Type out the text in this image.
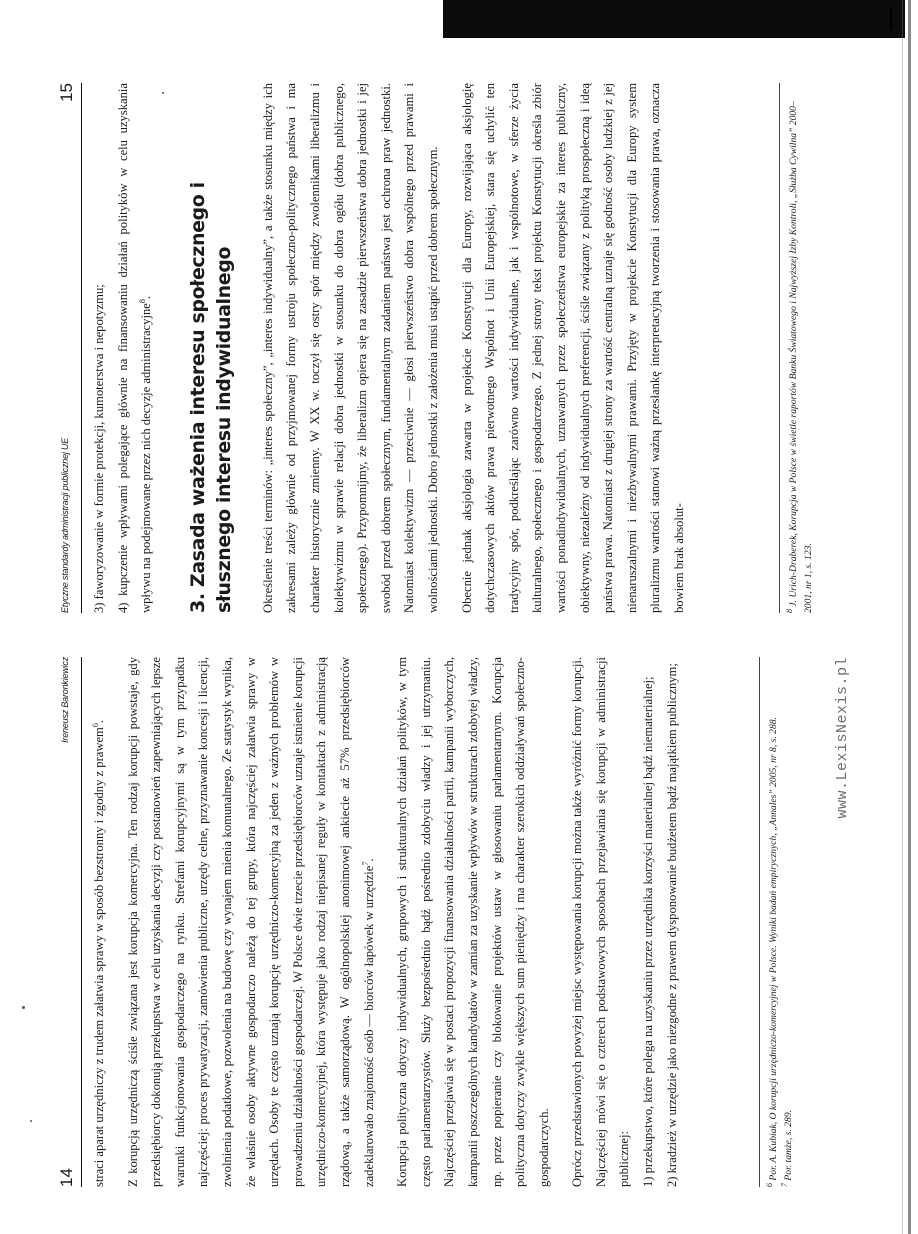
14
Ireneusz Baronkiewicz

straci aparat urzędniczy z trudem załatwia sprawy w sposób bezstronny i zgodny z prawem$^6$.	Z korupcją urzędniczą ściśle związana jest korupcja komercyjna. Ten rodzaj korupcji powstaje, gdy przedsiębiorcy dokonują przekupstwa w celu uzyskania decyzji czy postanowień zapewniających lepsze warunki funkcjonowania gospodarczego na rynku. Strefami korupcyjnymi są w tym przypadku najczęściej: proces prywatyzacji, zamówienia publiczne, urzędy celne, przyznawanie koncesji i licencji, zwolnienia podatkowe, pozwolenia na budowę czy wynajem mienia komunalnego. Ze statystyk wynika, że właśnie osoby aktywne gospodarczo należą do tej grupy, która najczęściej załatwia sprawy w urzędach. Osoby te często uznają korupcję urzędniczo-komercyjną za jeden z ważnych problemów w prowadzeniu działalności gospodarczej. W Polsce dwie trzecie przedsiębiorców uznaje istnienie korupcji urzędniczo-komercyjnej, która występuje jako rodzaj niepisanej reguły w kontaktach z administracją rządową, a także samorządową. W ogólnopolskiej anonimowej ankiecie aż 57% przedsiębiorców zadeklarowało znajomość osób — biorców łapówek w urzędzie$^7$.	Korupcja polityczna dotyczy indywidualnych, grupowych i strukturalnych działań polityków, w tym często parlamentarzystów. Służy bezpośrednio bądź pośrednio zdobyciu władzy i jej utrzymaniu. Najczęściej przejawia się w postaci propozycji finansowania działalności partii, kampanii wyborczych, kampanii poszczególnych kandydatów w zamian za uzyskanie wpływów w strukturach zdobytej władzy, np. przez popieranie czy blokowanie projektów ustaw w głosowaniu parlamentarnym. Korupcja polityczna dotyczy zwykle większych sum pieniędzy i ma charakter szerokich oddziaływań społeczno-gospodarczych.	Oprócz przedstawionych powyżej miejsc występowania korupcji można także wyróżnić formy korupcji. Najczęściej mówi się o czterech podstawowych sposobach przejawiania się korupcji w administracji publicznej: 1) przekupstwo, które polega na uzyskaniu przez urzędnika korzyści materialnej bądź niematerialnej; 2) kradzież w urzędzie jako niezgodne z prawem dysponowanie budżetem bądź majątkiem publicznym;	$^6$ Por. A. Kubiak, O korupcji urzędniczo-komercyjnej w Polsce. Wyniki badań empirycznych, „Annales” 2005, nr 8, s. 288.

$^7$ Por. tamże, s. 289.

www.LexisNexis.pl
Etyczne standardy administracji publicznej UE
15
3) faworyzowanie w formie protekcji, kumoterstwa i nepotyzmu; 4) kupczenie wpływami polegające głównie na finansowaniu działań polityków w celu uzyskania wpływu na podejmowane przez nich decyzje administracyjne$^8$. 3. Zasada ważenia interesu społecznego i słusznego interesu indywidualnego	Określenie treści terminów: „interes społeczny”, „interes indywidualny”, a także stosunku między ich zakresami zależy głównie od przyjmowanej formy ustroju społeczno-politycznego państwa i ma charakter historycznie zmienny. W XX w. toczył się ostry spór między zwolennikami liberalizmu i kolektywizmu w sprawie relacji dobra jednostki w stosunku do dobra ogółu (dobra publicznego, społecznego). Przypomnijmy, że liberalizm opiera się na zasadzie pierwszeństwa dobra jednostki i jej swobód przed dobrem społecznym, fundamentalnym zadaniem państwa jest ochrona praw jednostki. Natomiast kolektywizm — przeciwnie — głosi pierwszeństwo dobra wspólnego przed prawami i wolnościami jednostki. Dobro jednostki z założenia musi ustąpić przed dobrem społecznym.	Obecnie jednak aksjologia zawarta w projekcie Konstytucji dla Europy, rozwijająca aksjologię dotychczasowych aktów prawa pierwotnego Wspólnot i Unii Europejskiej, stara się uchylić ten tradycyjny spór, podkreślając zarówno wartości indywidualne, jak i wspólnotowe, w sferze życia kulturalnego, społecznego i gospodarczego. Z jednej strony tekst projektu Konstytucji określa zbiór wartości ponadindywidualnych, uznawanych przez społeczeństwa europejskie za interes publiczny, obiektywny, niezależny od indywidualnych preferencji, ściśle związany z polityką prospołeczną i ideą państwa prawa. Natomiast z drugiej strony za wartość centralną uznaje się godność osoby ludzkiej z jej nienaruszalnymi i niezbywalnymi prawami. Przyjęty w projekcie Konstytucji dla Europy system pluralizmu wartości stanowi ważną przesłankę interpretacyjną tworzenia i stosowania prawa, oznacza bowiem brak absolut-	$^8$ J. Urich-Draberek, Korupcja w Polsce w świetle raportów Banku Światowego i Najwyższej Izby Kontroli, „Służba Cywilna” 2000–2001, nr 1, s. 123.
